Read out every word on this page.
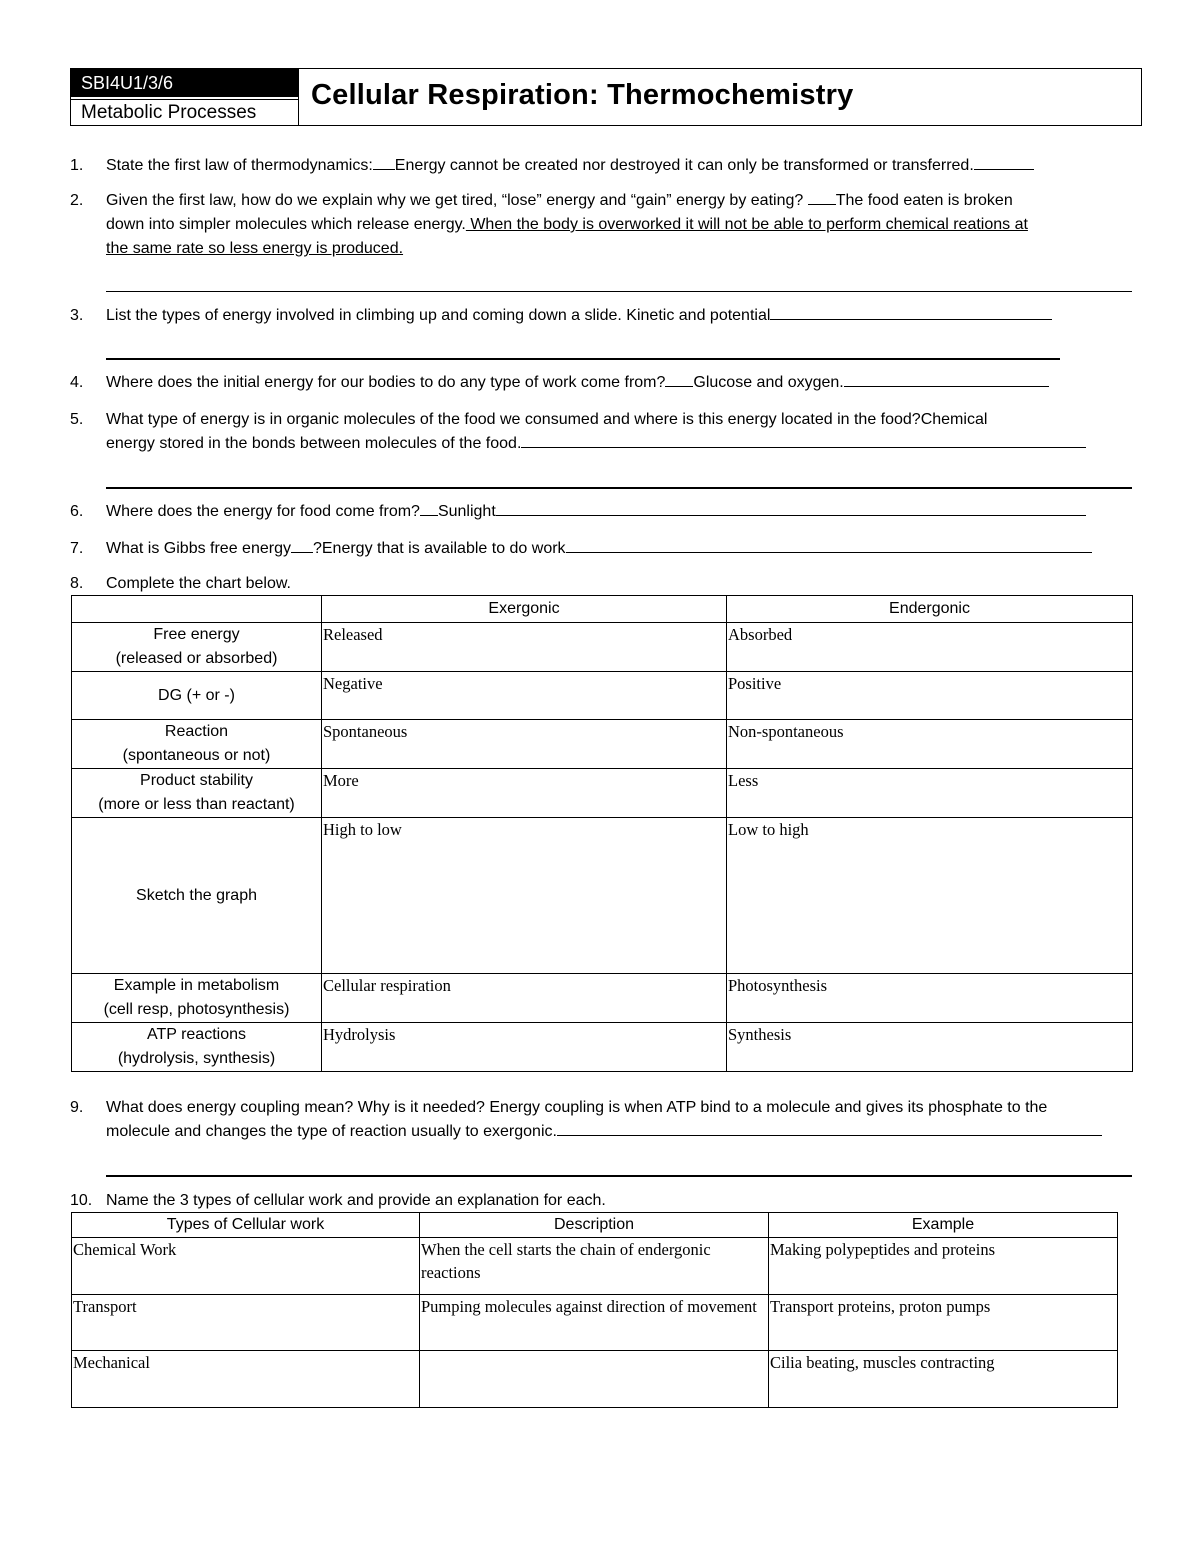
SBI4U1/3/6
Metabolic Processes
Cellular Respiration: Thermochemistry
1.	State the first law of thermodynamics: Energy cannot be created nor destroyed it can only be transformed or transferred.
2.	Given the first law, how do we explain why we get tired, “lose” energy and “gain” energy by eating? The food eaten is broken
down into simpler molecules which release energy. When the body is overworked it will not be able to perform chemical reations at
the same rate so less energy is produced.
3.	List the types of energy involved in climbing up and coming down a slide. Kinetic and potential
4.	Where does the initial energy for our bodies to do any type of work come from? Glucose and oxygen.
5.	What type of energy is in organic molecules of the food we consumed and where is this energy located in the food?Chemical
energy stored in the bonds between molecules of the food.
6.	Where does the energy for food come from? Sunlight
7.	What is Gibbs free energy ?Energy that is available to do work
8.	Complete the chart below.
	Exergonic	Endergonic

Free energy
(released or absorbed)	Released	Absorbed

DG (+ or -)	Negative	Positive

Reaction
(spontaneous or not)	Spontaneous	Non-spontaneous

Product stability
(more or less than reactant)	More	Less

Sketch the graph	High to low	Low to high

Example in metabolism
(cell resp, photosynthesis)	Cellular respiration	Photosynthesis

ATP reactions
(hydrolysis, synthesis)	Hydrolysis	Synthesis
9.	What does energy coupling mean? Why is it needed? Energy coupling is when ATP bind to a molecule and gives its phosphate to the
molecule and changes the type of reaction usually to exergonic.
10. Name the 3 types of cellular work and provide an explanation for each.
Types of Cellular work	Description	Example
Chemical Work	When the cell starts the chain of endergonic reactions	Making polypeptides and proteins
Transport	Pumping molecules against direction of movement	Transport proteins, proton pumps
Mechanical		Cilia beating, muscles contracting
